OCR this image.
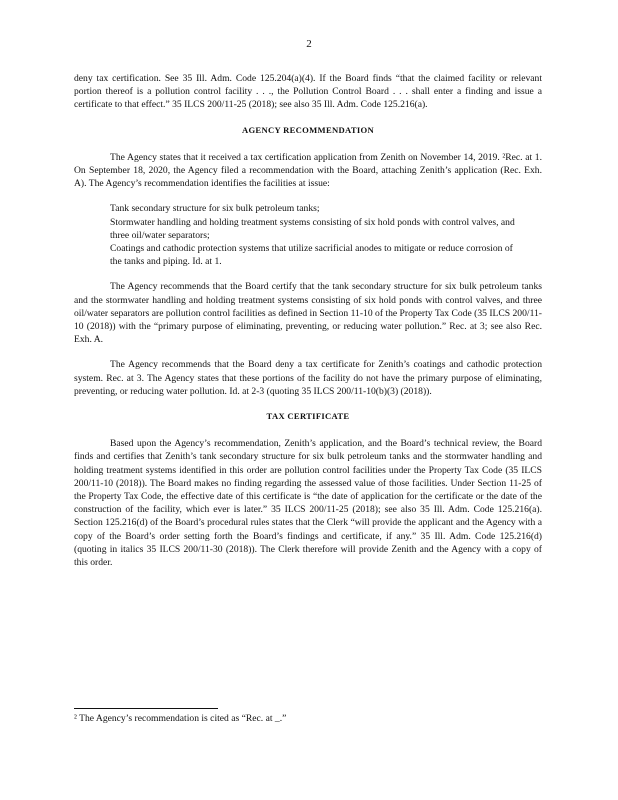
2

deny tax certification. See 35 Ill. Adm. Code 125.204(a)(4). If the Board finds “that the claimed facility or relevant portion thereof is a pollution control facility . . ., the Pollution Control Board . . . shall enter a finding and issue a certificate to that effect.” 35 ILCS 200/11-25 (2018); see also 35 Ill. Adm. Code 125.216(a).

AGENCY RECOMMENDATION

The Agency states that it received a tax certification application from Zenith on November 14, 2019. ²Rec. at 1. On September 18, 2020, the Agency filed a recommendation with the Board, attaching Zenith’s application (Rec. Exh. A). The Agency’s recommendation identifies the facilities at issue:

Tank secondary structure for six bulk petroleum tanks;
Stormwater handling and holding treatment systems consisting of six hold ponds with control valves, and three oil/water separators;
Coatings and cathodic protection systems that utilize sacrificial anodes to mitigate or reduce corrosion of the tanks and piping. Id. at 1.

The Agency recommends that the Board certify that the tank secondary structure for six bulk petroleum tanks and the stormwater handling and holding treatment systems consisting of six hold ponds with control valves, and three oil/water separators are pollution control facilities as defined in Section 11-10 of the Property Tax Code (35 ILCS 200/11-10 (2018)) with the “primary purpose of eliminating, preventing, or reducing water pollution.” Rec. at 3; see also Rec. Exh. A.

The Agency recommends that the Board deny a tax certificate for Zenith’s coatings and cathodic protection system. Rec. at 3. The Agency states that these portions of the facility do not have the primary purpose of eliminating, preventing, or reducing water pollution. Id. at 2-3 (quoting 35 ILCS 200/11-10(b)(3) (2018)).

TAX CERTIFICATE

Based upon the Agency’s recommendation, Zenith’s application, and the Board’s technical review, the Board finds and certifies that Zenith’s tank secondary structure for six bulk petroleum tanks and the stormwater handling and holding treatment systems identified in this order are pollution control facilities under the Property Tax Code (35 ILCS 200/11-10 (2018)). The Board makes no finding regarding the assessed value of those facilities. Under Section 11-25 of the Property Tax Code, the effective date of this certificate is “the date of application for the certificate or the date of the construction of the facility, which ever is later.” 35 ILCS 200/11-25 (2018); see also 35 Ill. Adm. Code 125.216(a). Section 125.216(d) of the Board’s procedural rules states that the Clerk “will provide the applicant and the Agency with a copy of the Board’s order setting forth the Board’s findings and certificate, if any.” 35 Ill. Adm. Code 125.216(d) (quoting in italics 35 ILCS 200/11-30 (2018)). The Clerk therefore will provide Zenith and the Agency with a copy of this order.

² The Agency’s recommendation is cited as “Rec. at _.”
